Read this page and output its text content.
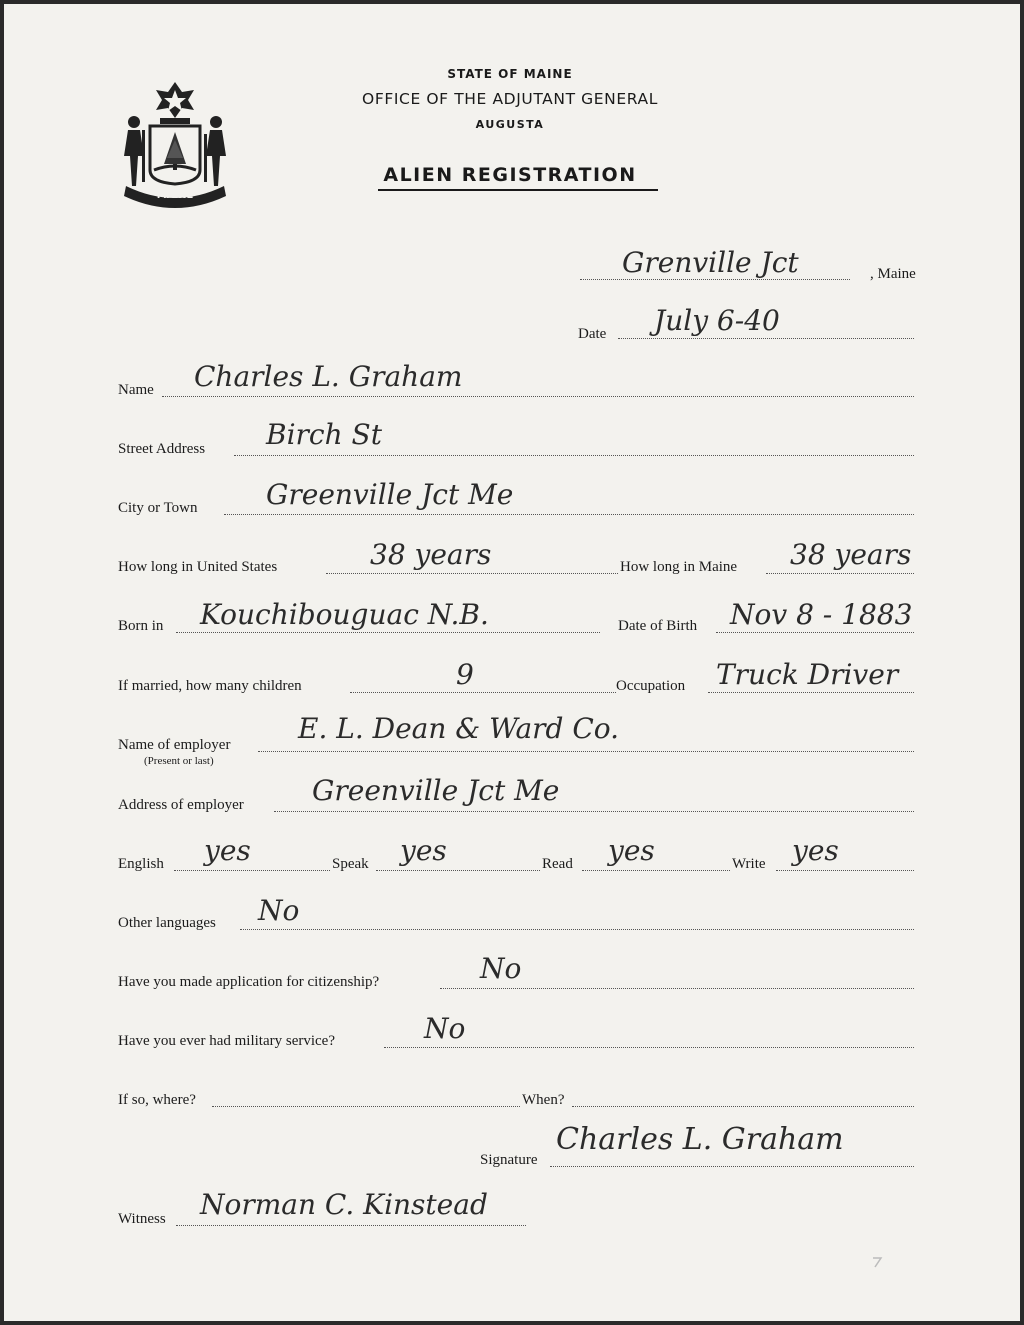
MAINE
STATE OF MAINE
OFFICE OF THE ADJUTANT GENERAL
AUGUSTA
ALIEN REGISTRATION
Grenville Jct	, Maine
Date July 6-40
Name Charles L. Graham
Street Address Birch St
City or Town Greenville Jct Me
How long in United States	38 years	How long in Maine 38 years
Born in Kouchibouguac N.B.	Date of Birth Nov 8 - 1883
If married, how many children	9	Occupation Truck Driver
Name of employer
(Present or last)
E. L. Dean & Ward Co.
Address of employer Greenville Jct Me
English yes	Speak yes	Read yes	Write yes
Other languages No
Have you made application for citizenship?	No
Have you ever had military service?	No
If so, where?	When?
Signature
Charles L. Graham
Witness Norman C. Kinstead
